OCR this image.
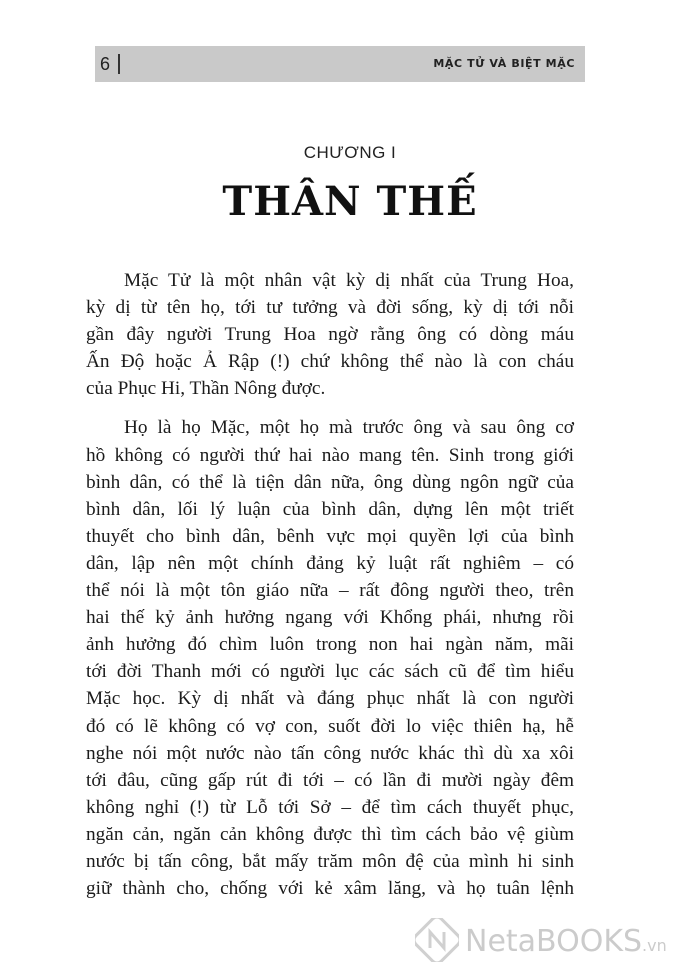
6	MẶC TỬ VÀ BIỆT MẶC
CHƯƠNG I
THÂN THẾ

Mặc Tử là một nhân vật kỳ dị nhất của Trung Hoa,
kỳ dị từ tên họ, tới tư tưởng và đời sống, kỳ dị tới nỗi
gần đây người Trung Hoa ngờ rằng ông có dòng máu
Ấn Độ hoặc Ả Rập (!) chứ không thể nào là con cháu
của Phục Hi, Thần Nông được.

Họ là họ Mặc, một họ mà trước ông và sau ông cơ
hồ không có người thứ hai nào mang tên. Sinh trong giới
bình dân, có thể là tiện dân nữa, ông dùng ngôn ngữ của
bình dân, lối lý luận của bình dân, dựng lên một triết
thuyết cho bình dân, bênh vực mọi quyền lợi của bình
dân, lập nên một chính đảng kỷ luật rất nghiêm – có
thể nói là một tôn giáo nữa – rất đông người theo, trên
hai thế kỷ ảnh hưởng ngang với Khổng phái, nhưng rồi
ảnh hưởng đó chìm luôn trong non hai ngàn năm, mãi
tới đời Thanh mới có người lục các sách cũ để tìm hiểu
Mặc học. Kỳ dị nhất và đáng phục nhất là con người
đó có lẽ không có vợ con, suốt đời lo việc thiên hạ, hễ
nghe nói một nước nào tấn công nước khác thì dù xa xôi
tới đâu, cũng gấp rút đi tới – có lần đi mười ngày đêm
không nghỉ (!) từ Lỗ tới Sở – để tìm cách thuyết phục,
ngăn cản, ngăn cản không được thì tìm cách bảo vệ giùm
nước bị tấn công, bắt mấy trăm môn đệ của mình hi sinh
giữ thành cho, chống với kẻ xâm lăng, và họ tuân lệnh

NetaBOOKS.vn
